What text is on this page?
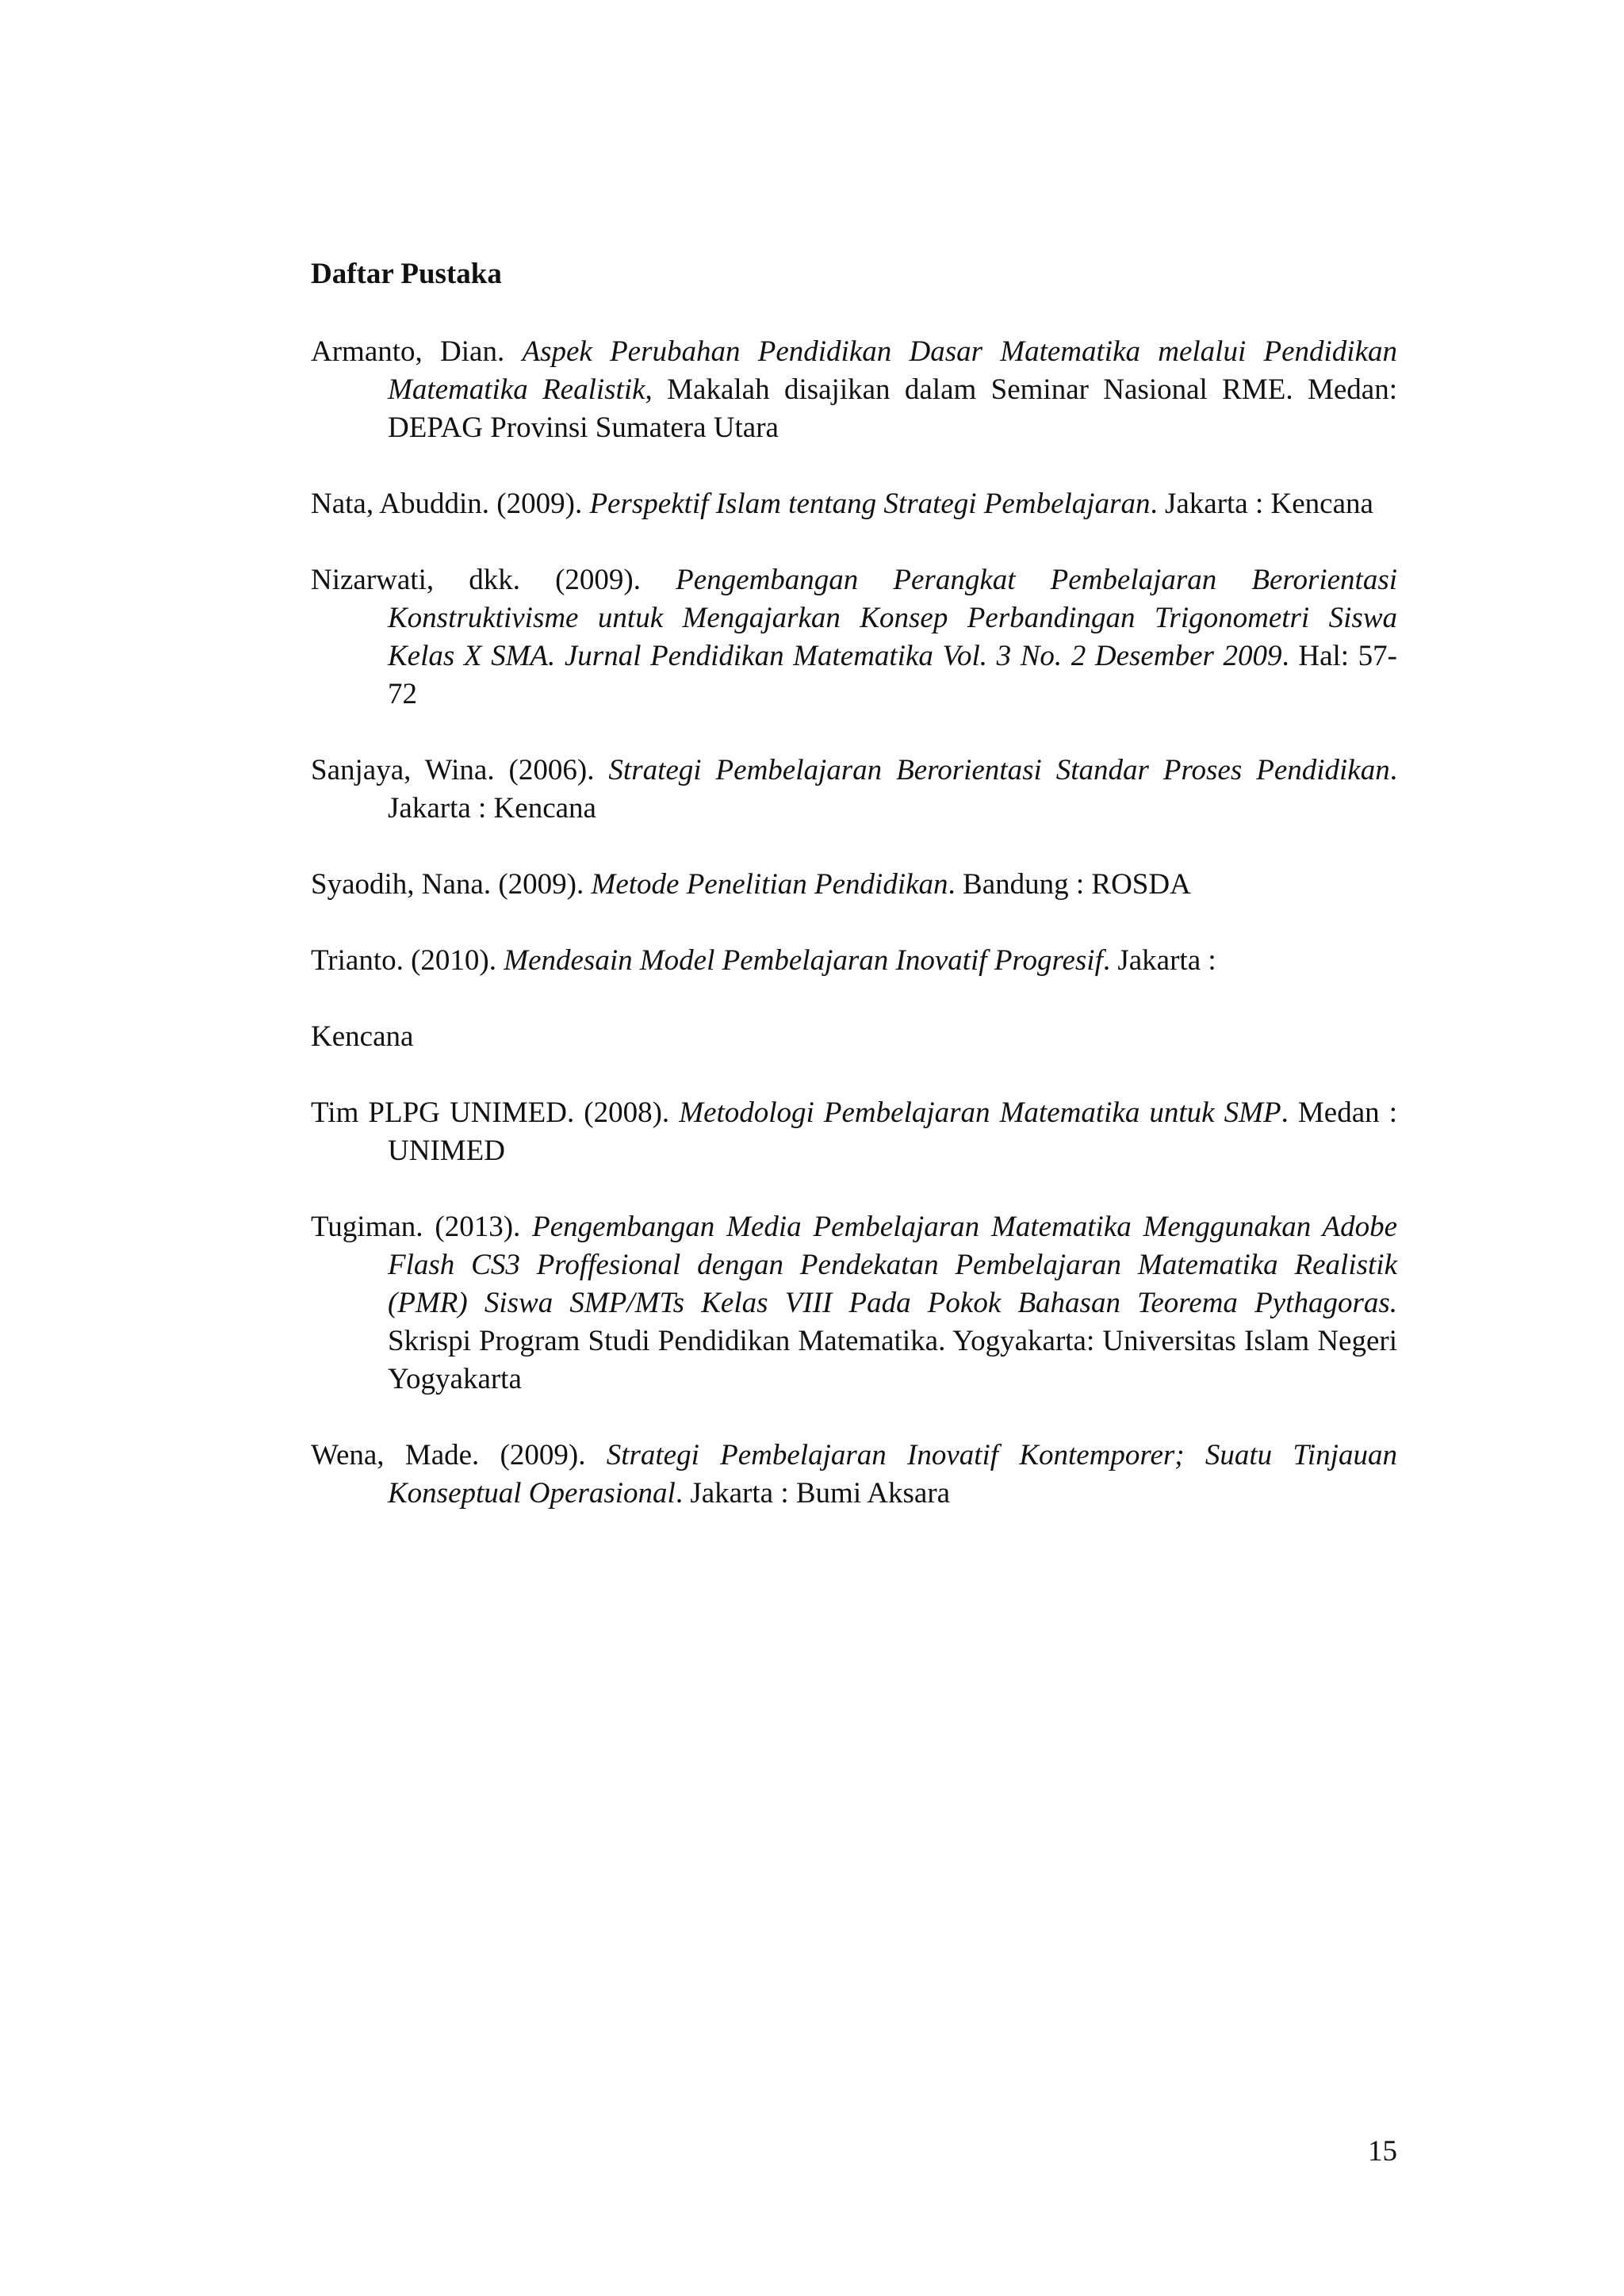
Daftar Pustaka

Armanto, Dian. Aspek Perubahan Pendidikan Dasar Matematika melalui Pendidikan Matematika Realistik, Makalah disajikan dalam Seminar Nasional RME. Medan: DEPAG Provinsi Sumatera Utara

Nata, Abuddin. (2009). Perspektif Islam tentang Strategi Pembelajaran. Jakarta : Kencana

Nizarwati, dkk. (2009). Pengembangan Perangkat Pembelajaran Berorientasi Konstruktivisme untuk Mengajarkan Konsep Perbandingan Trigonometri Siswa Kelas X SMA. Jurnal Pendidikan Matematika Vol. 3 No. 2 Desember 2009. Hal: 57-72

Sanjaya, Wina. (2006). Strategi Pembelajaran Berorientasi Standar Proses Pendidikan. Jakarta : Kencana

Syaodih, Nana. (2009). Metode Penelitian Pendidikan. Bandung : ROSDA

Trianto. (2010). Mendesain Model Pembelajaran Inovatif Progresif. Jakarta :
Kencana

Tim PLPG UNIMED. (2008). Metodologi Pembelajaran Matematika untuk SMP. Medan : UNIMED

Tugiman. (2013). Pengembangan Media Pembelajaran Matematika Menggunakan Adobe Flash CS3 Proffesional dengan Pendekatan Pembelajaran Matematika Realistik (PMR) Siswa SMP/MTs Kelas VIII Pada Pokok Bahasan Teorema Pythagoras. Skrispi Program Studi Pendidikan Matematika. Yogyakarta: Universitas Islam Negeri Yogyakarta

Wena, Made. (2009). Strategi Pembelajaran Inovatif Kontemporer; Suatu Tinjauan Konseptual Operasional. Jakarta : Bumi Aksara

15
